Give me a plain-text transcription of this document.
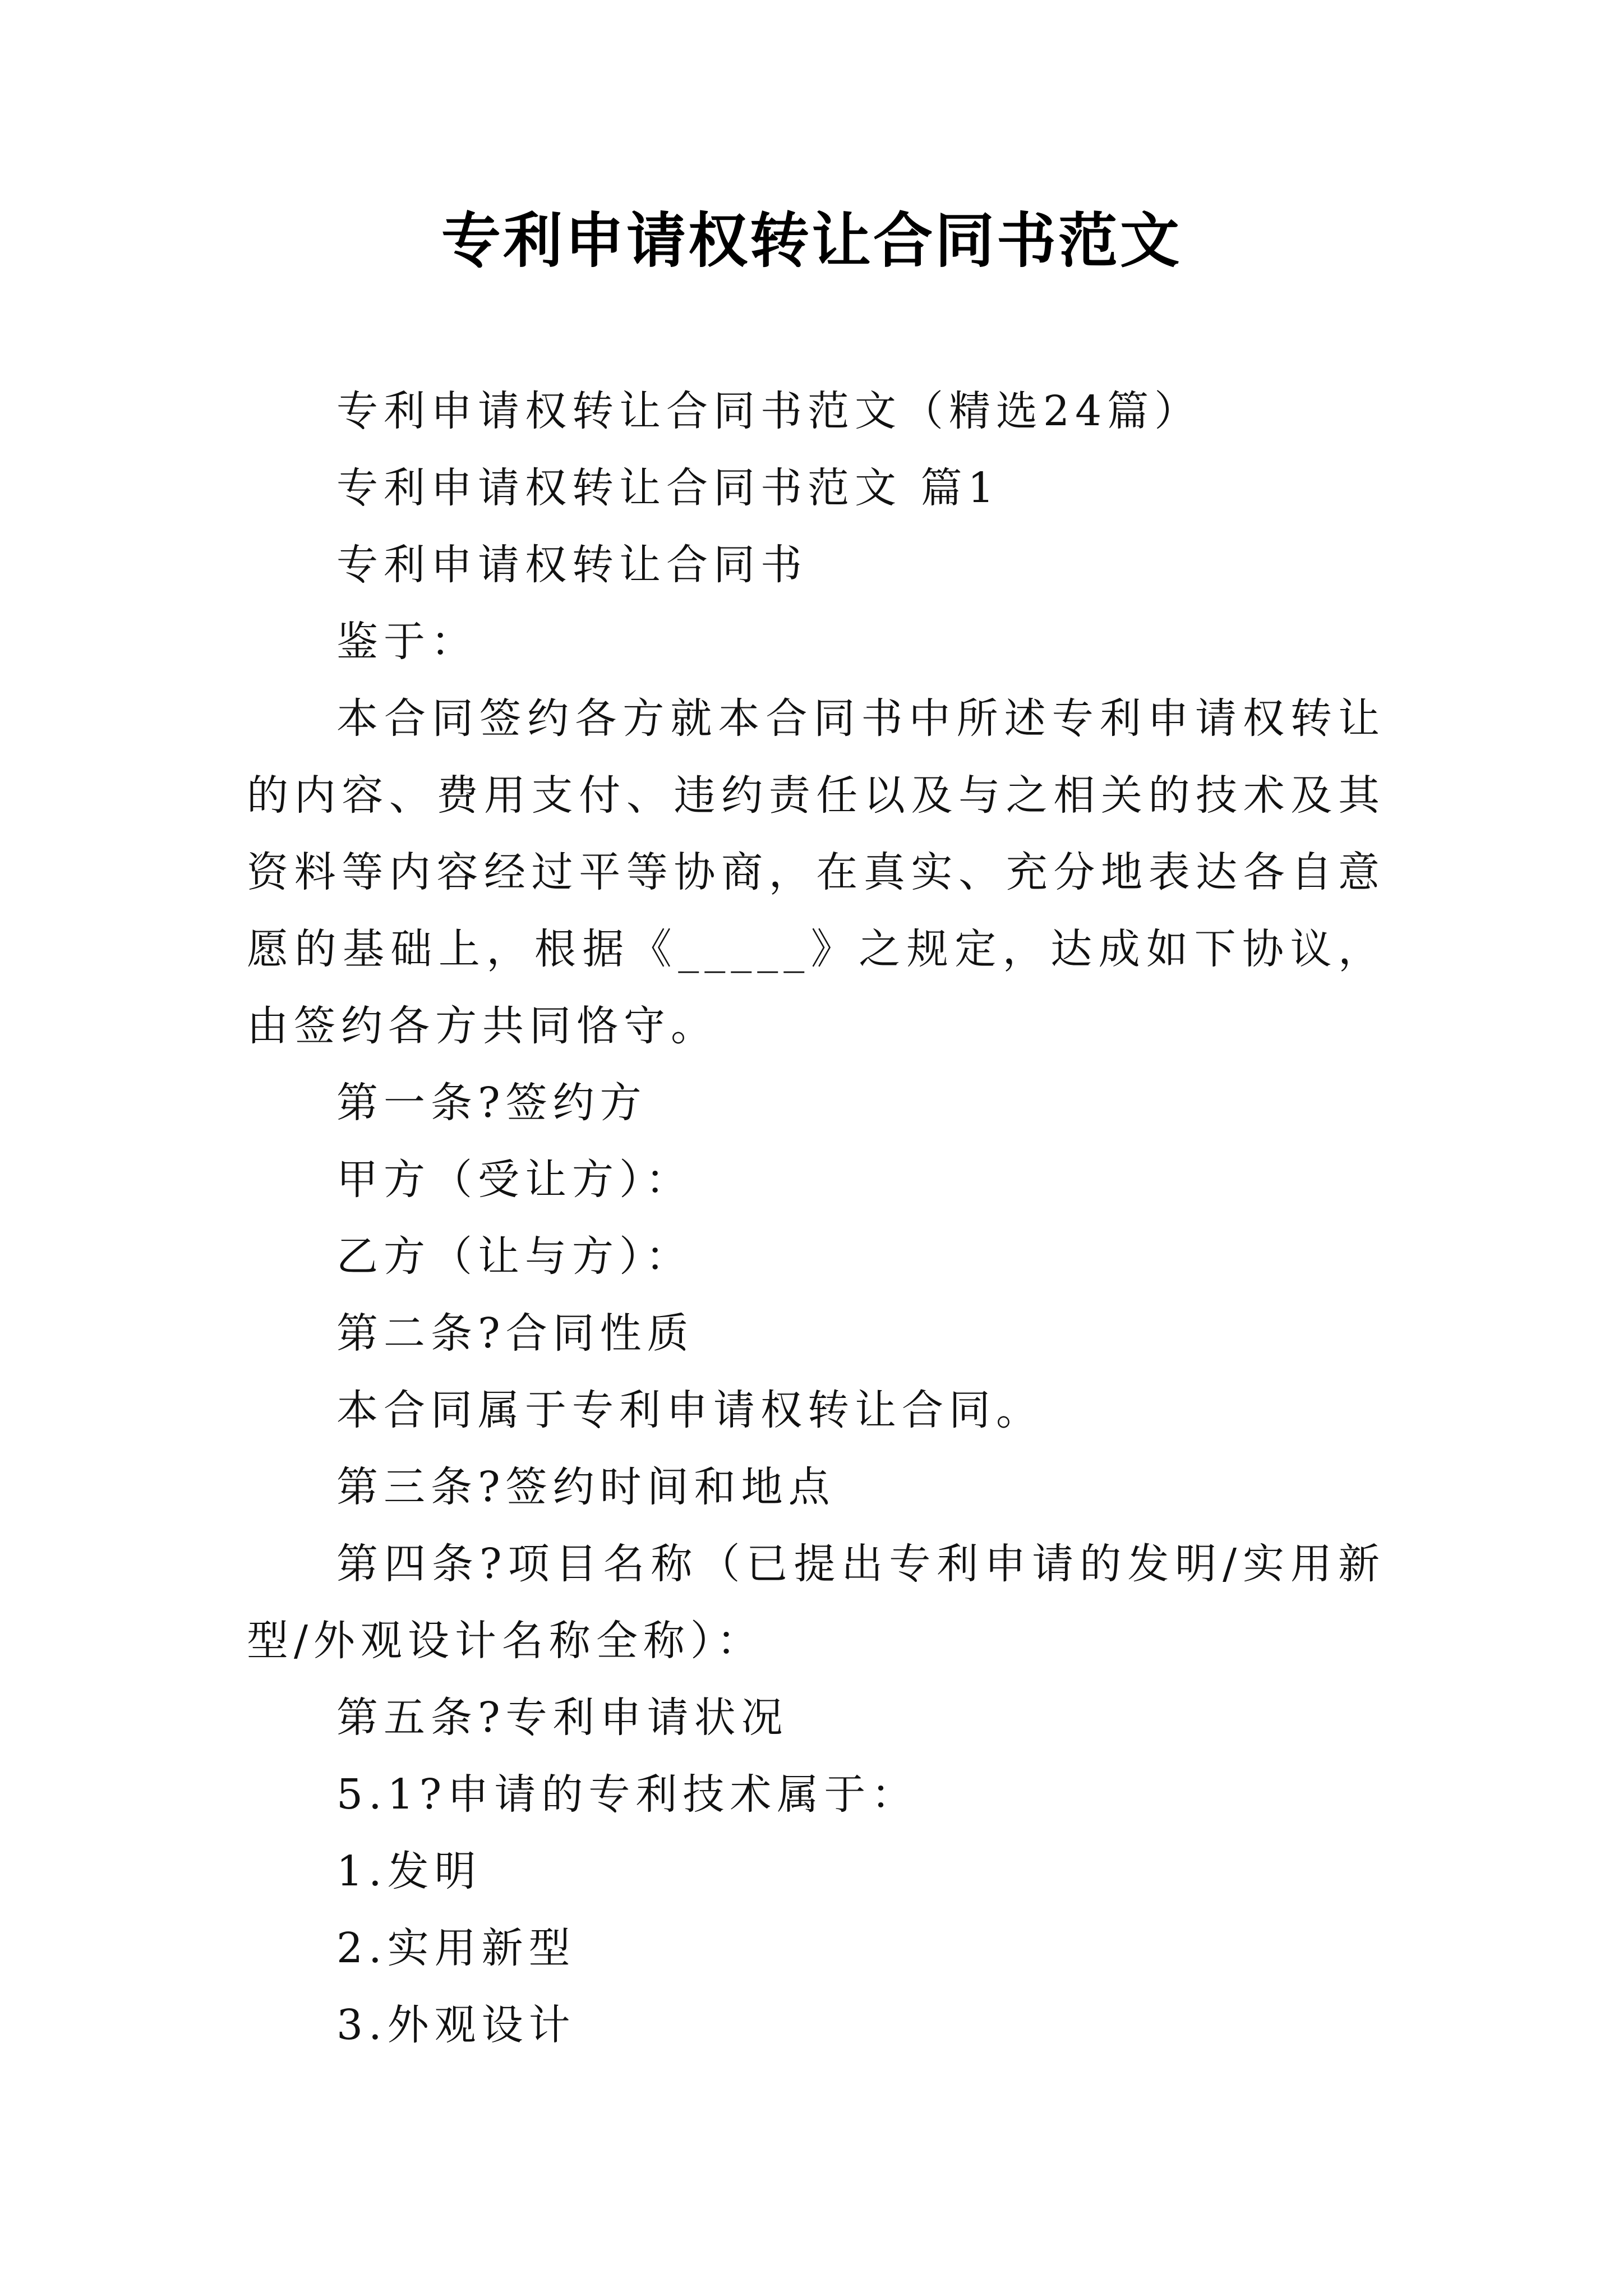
专利申请权转让合同书范文

专利申请权转让合同书范文（精选24篇）

专利申请权转让合同书范文 篇1

专利申请权转让合同书

鉴于：

本合同签约各方就本合同书中所述专利申请权转让的内容、费用支付、违约责任以及与之相关的技术及其资料等内容经过平等协商，在真实、充分地表达各自意愿的基础上，根据《_____》之规定，达成如下协议，由签约各方共同恪守。

第一条?签约方

甲方（受让方）：

乙方（让与方）：

第二条?合同性质

本合同属于专利申请权转让合同。

第三条?签约时间和地点

第四条?项目名称（已提出专利申请的发明/实用新型/外观设计名称全称）：

第五条?专利申请状况

5.1?申请的专利技术属于：

1.发明

2.实用新型

3.外观设计
